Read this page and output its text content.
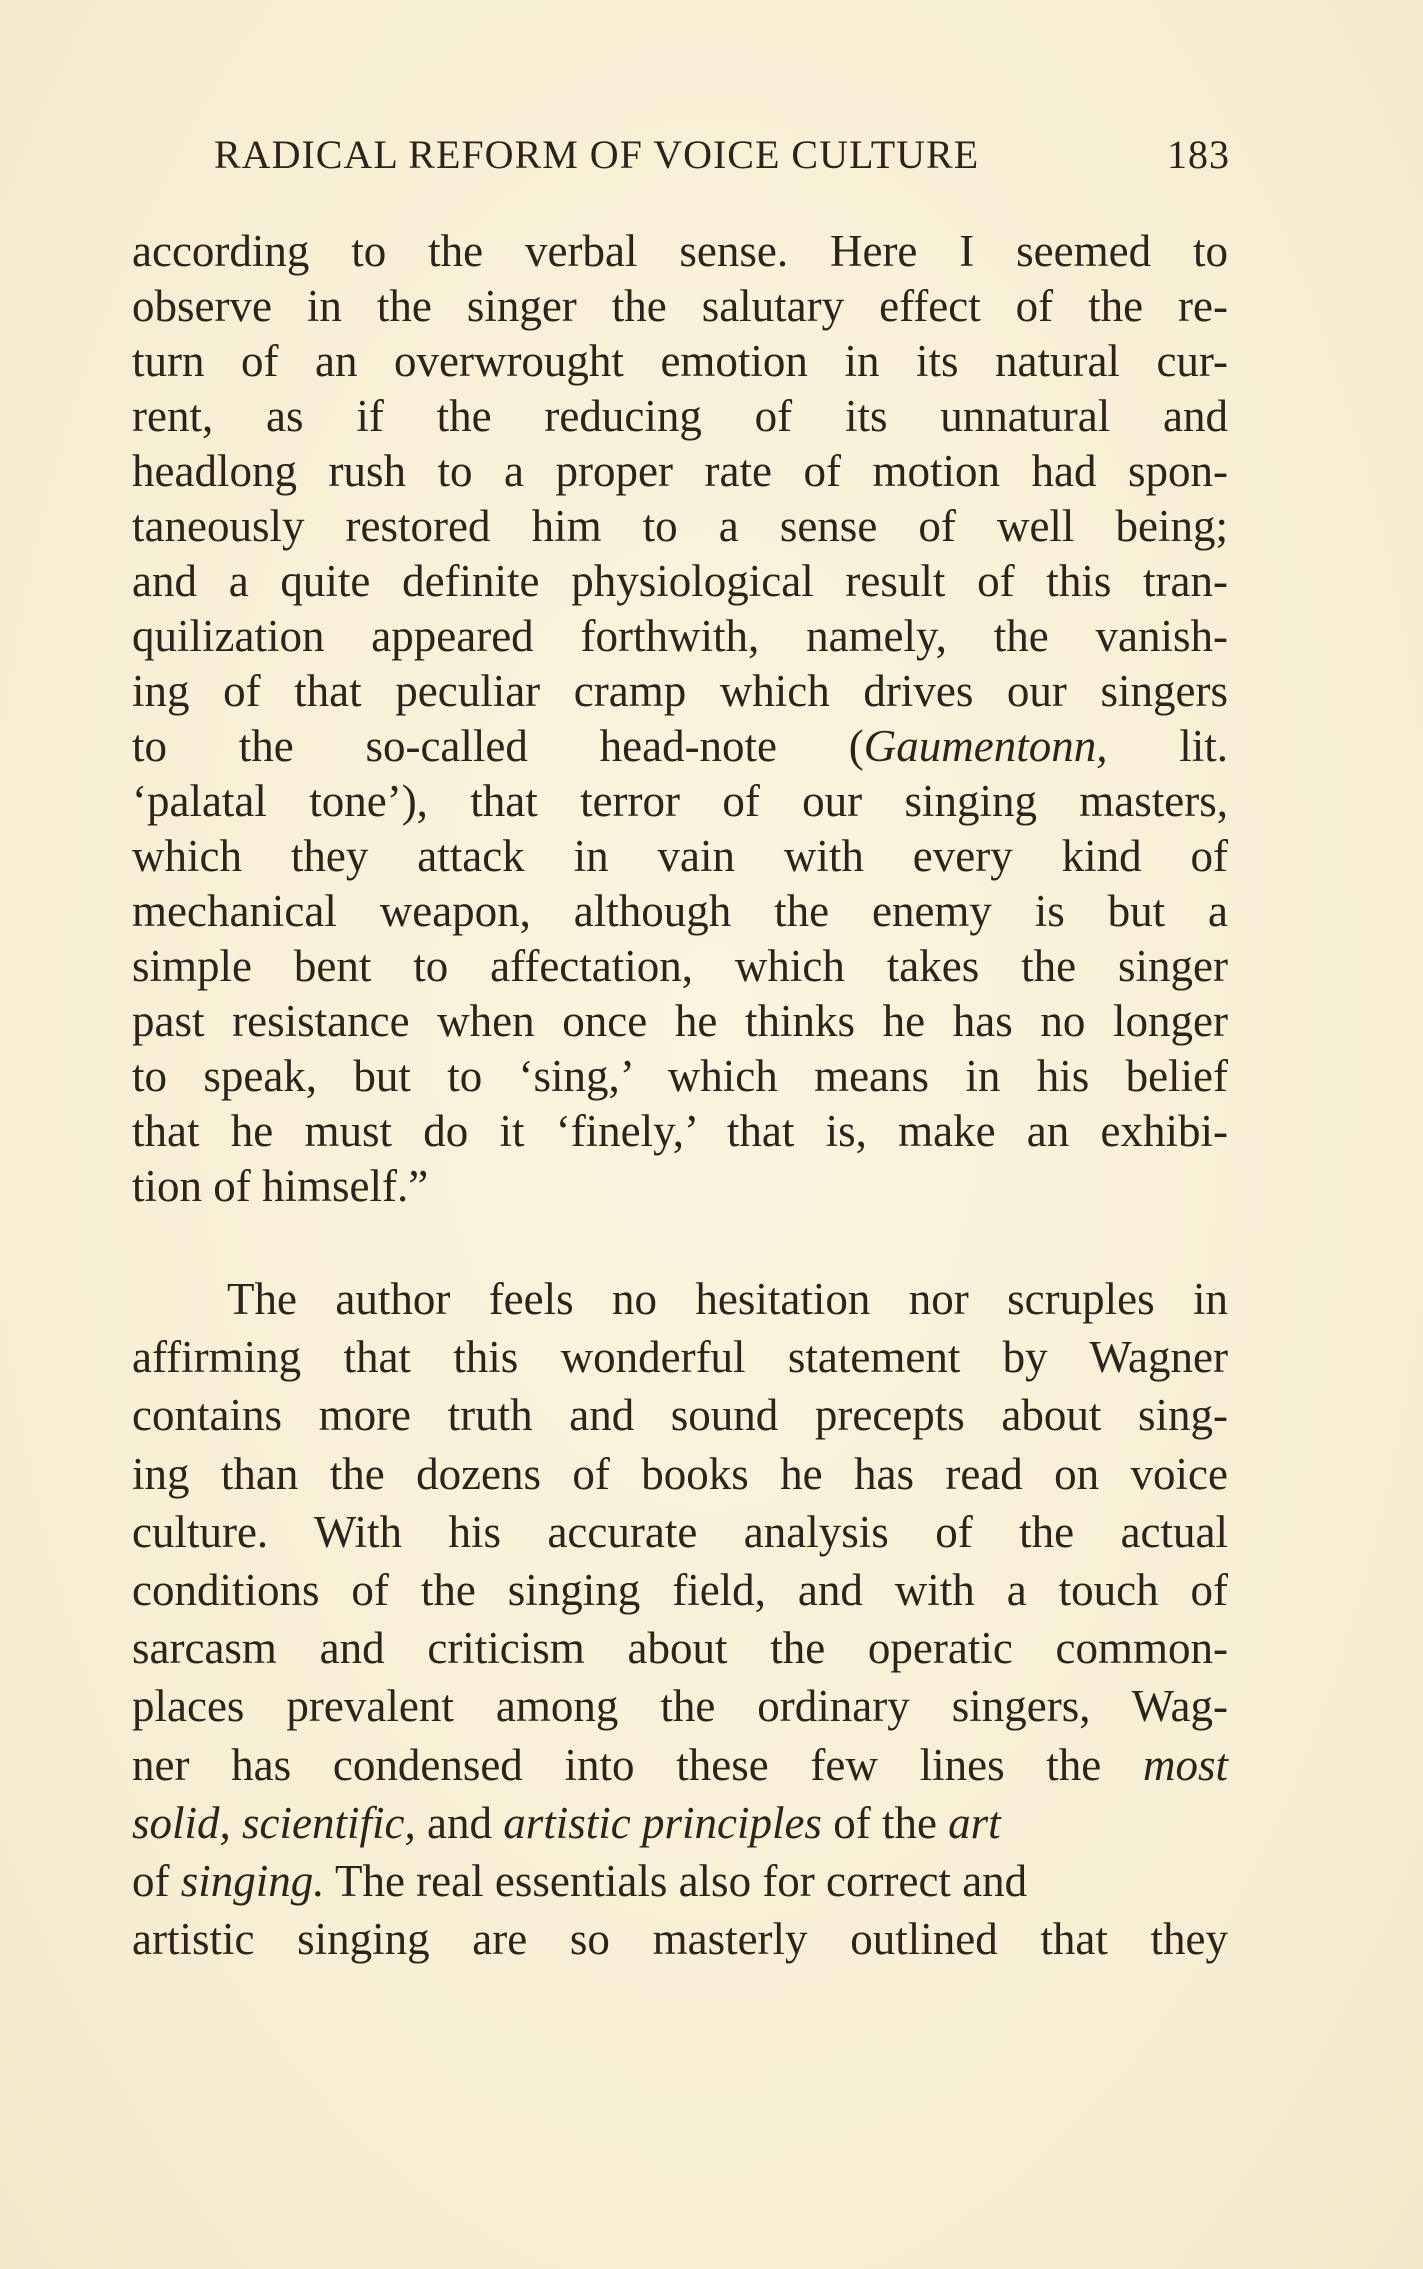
RADICAL REFORM OF VOICE CULTURE	183
according to the verbal sense. Here I seemed to
observe in the singer the salutary effect of the re-
turn of an overwrought emotion in its natural cur-
rent, as if the reducing of its unnatural and
headlong rush to a proper rate of motion had spon-
taneously restored him to a sense of well being;
and a quite definite physiological result of this tran-
quilization appeared forthwith, namely, the vanish-
ing of that peculiar cramp which drives our singers
to the so-called head-note (Gaumentonn, lit.
‘palatal tone’), that terror of our singing masters,
which they attack in vain with every kind of
mechanical weapon, although the enemy is but a
simple bent to affectation, which takes the singer
past resistance when once he thinks he has no longer
to speak, but to ‘sing,’ which means in his belief
that he must do it ‘finely,’ that is, make an exhibi-
tion of himself.”
The author feels no hesitation nor scruples in
affirming that this wonderful statement by Wagner
contains more truth and sound precepts about sing-
ing than the dozens of books he has read on voice
culture. With his accurate analysis of the actual
conditions of the singing field, and with a touch of
sarcasm and criticism about the operatic common-
places prevalent among the ordinary singers, Wag-
ner has condensed into these few lines the most
solid, scientific, and artistic principles of the art
of singing. The real essentials also for correct and
artistic singing are so masterly outlined that they
